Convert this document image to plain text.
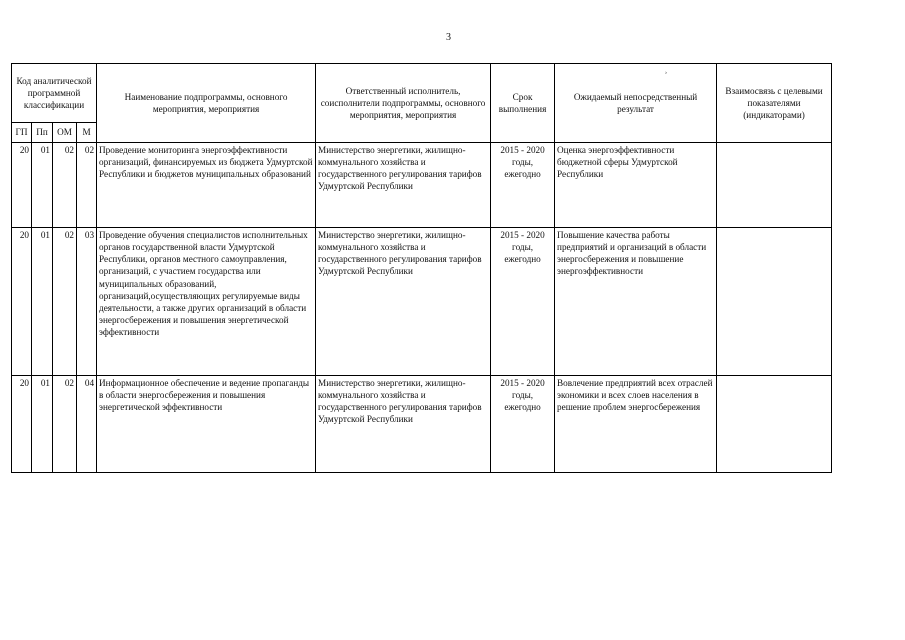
3
›
Код аналитической программной классификации				Наименование подпрограммы, основного мероприятия, мероприятия	Ответственный исполнитель, соисполнители подпрограммы, основного мероприятия, мероприятия	Срок выполнения	Ожидаемый непосредственный результат	Взаимосвязь с целевыми показателями (индикаторами)
ГП	Пп	ОМ	М					
20	01	02	02	Проведение мониторинга энергоэффективности организаций, финансируемых из бюджета Удмуртской Республики и бюджетов муниципальных образований	Министерство энергетики, жилищно-коммунального хозяйства и государственного регулирования тарифов Удмуртской Республики	2015 - 2020 годы, ежегодно	Оценка энергоэффективности бюджетной сферы Удмуртской Республики	
20	01	02	03	Проведение обучения специалистов исполнительных органов государственной власти Удмуртской Республики, органов местного самоуправления, организаций, с участием государства или муниципальных образований, организаций,осуществляющих регулируемые виды деятельности, а также других организаций в области энергосбережения и повышения энергетической эффективности	Министерство энергетики, жилищно-коммунального хозяйства и государственного регулирования тарифов Удмуртской Республики	2015 - 2020 годы, ежегодно	Повышение качества работы предприятий и организаций в области энергосбережения и повышение энергоэффективности	
20	01	02	04	Информационное обеспечение и ведение пропаганды в области энергосбережения и повышения энергетической эффективности	Министерство энергетики, жилищно-коммунального хозяйства и государственного регулирования тарифов Удмуртской Республики	2015 - 2020 годы, ежегодно	Вовлечение предприятий всех отраслей экономики и всех слоев населения в решение проблем энергосбережения	
